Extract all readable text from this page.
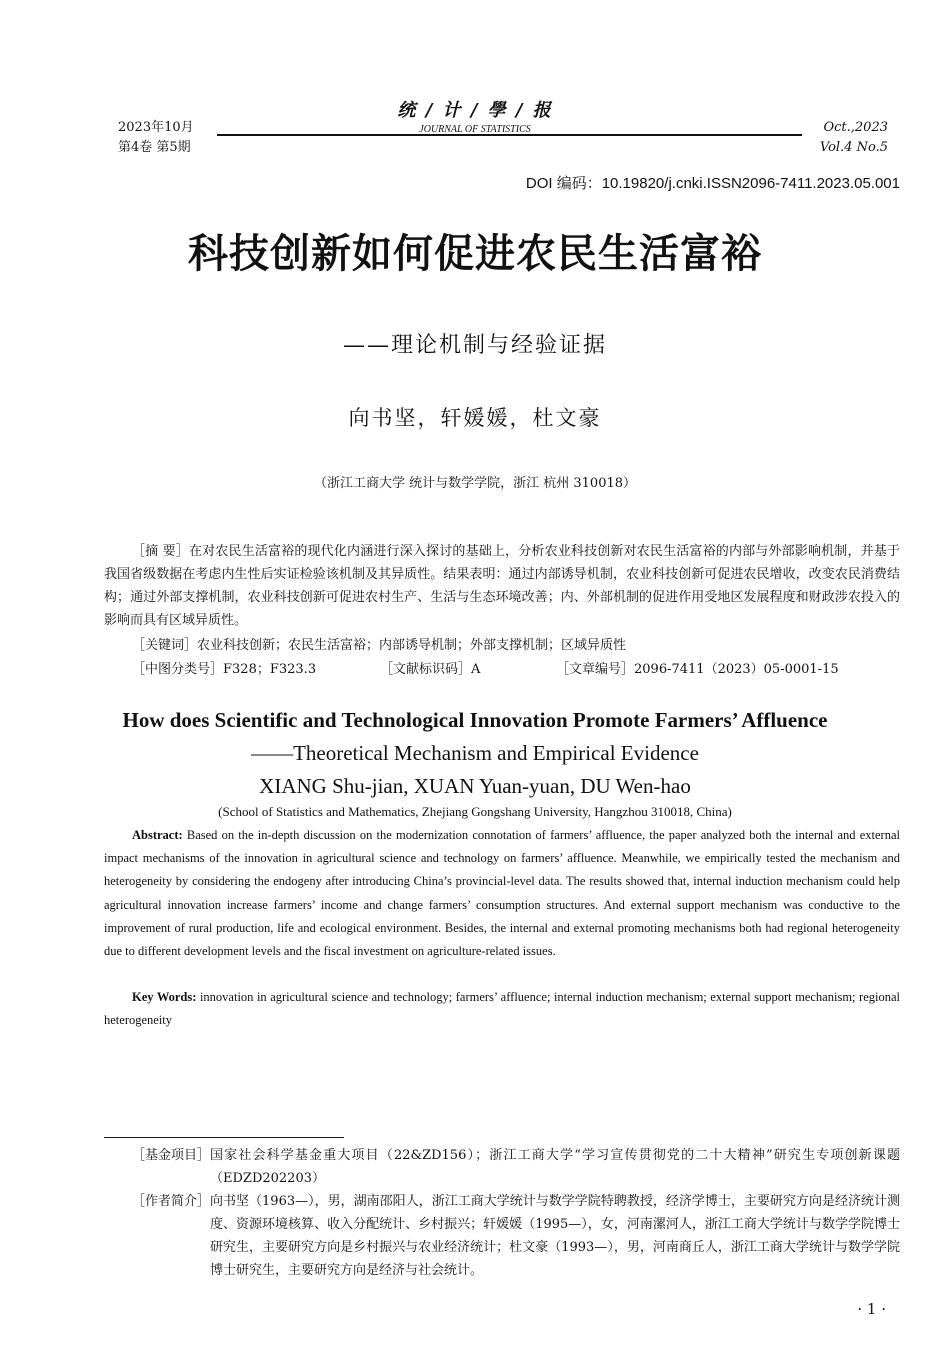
2023年10月
第4卷 第5期
统 / 计 / 學 / 报
JOURNAL OF STATISTICS	Oct.,2023
Vol.4 No.5
DOI 编码：10.19820/j.cnki.ISSN2096-7411.2023.05.001
科技创新如何促进农民生活富裕
——理论机制与经验证据
向书坚，轩媛媛，杜文豪
（浙江工商大学 统计与数学学院，浙江 杭州 310018）
［摘 要］在对农民生活富裕的现代化内涵进行深入探讨的基础上，分析农业科技创新对农民生活富裕的内部与外部影响机制，并基于我国省级数据在考虑内生性后实证检验该机制及其异质性。结果表明：通过内部诱导机制，农业科技创新可促进农民增收，改变农民消费结构；通过外部支撑机制，农业科技创新可促进农村生产、生活与生态环境改善；内、外部机制的促进作用受地区发展程度和财政涉农投入的影响而具有区域异质性。
［关键词］农业科技创新；农民生活富裕；内部诱导机制；外部支撑机制；区域异质性
［中图分类号］F328；F323.3	［文献标识码］A	［文章编号］2096-7411（2023）05-0001-15
How does Scientific and Technological Innovation Promote Farmers’ Affluence
——Theoretical Mechanism and Empirical Evidence
XIANG Shu-jian, XUAN Yuan-yuan, DU Wen-hao
(School of Statistics and Mathematics, Zhejiang Gongshang University, Hangzhou 310018, China)
Abstract: Based on the in-depth discussion on the modernization connotation of farmers’ affluence, the paper analyzed both the internal and external impact mechanisms of the innovation in agricultural science and technology on farmers’ affluence. Meanwhile, we empirically tested the mechanism and heterogeneity by considering the endogeny after introducing China’s provincial-level data. The results showed that, internal induction mechanism could help agricultural innovation increase farmers’ income and change farmers’ consumption structures. And external support mechanism was conductive to the improvement of rural production, life and ecological environment. Besides, the internal and external promoting mechanisms both had regional heterogeneity due to different development levels and the fiscal investment on agriculture-related issues.
Key Words: innovation in agricultural science and technology; farmers’ affluence; internal induction mechanism; external support mechanism; regional heterogeneity
［基金项目］ 国家社会科学基金重大项目（22&ZD156）；浙江工商大学“学习宣传贯彻党的二十大精神”研究生专项创新课题（EDZD202203）
［作者简介］ 向书坚（1963—），男，湖南邵阳人，浙江工商大学统计与数学学院特聘教授，经济学博士，主要研究方向是经济统计测度、资源环境核算、收入分配统计、乡村振兴；轩媛媛（1995—），女，河南漯河人，浙江工商大学统计与数学学院博士研究生，主要研究方向是乡村振兴与农业经济统计；杜文豪（1993—），男，河南商丘人，浙江工商大学统计与数学学院博士研究生，主要研究方向是经济与社会统计。
· 1 ·
